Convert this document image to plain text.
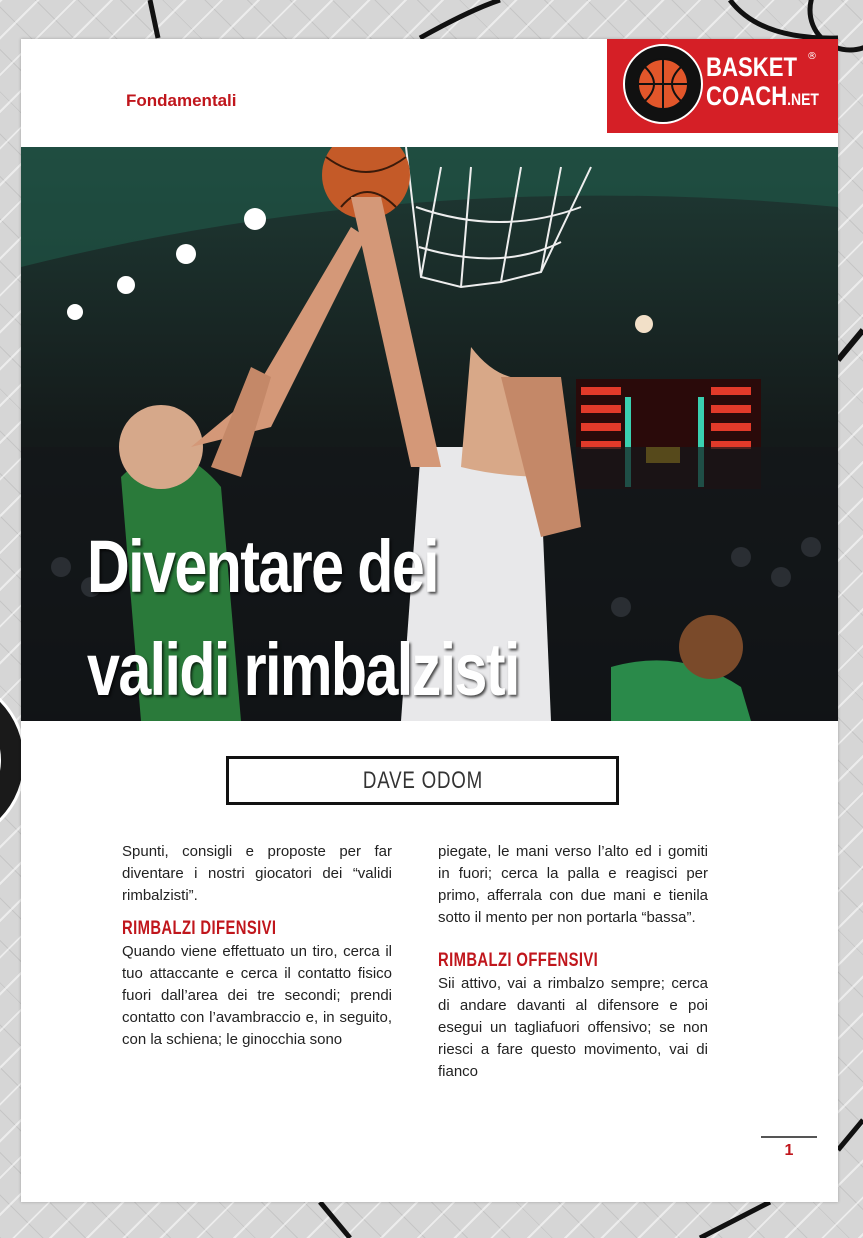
Fondamentali
BASKET
COACH.NET
®
Diventare dei
validi rimbalzisti
DAVE ODOM

Spunti, consigli e proposte per far diventare i nostri giocatori dei “validi rimbalzisti”.

RIMBALZI DIFENSIVI

Quando viene effettuato un tiro, cerca il tuo attaccante e cerca il contatto fisico fuori dall’area dei tre secondi; prendi contatto con l’avambraccio e, in seguito, con la schiena; le ginocchia sono

piegate, le mani verso l’alto ed i gomiti in fuori; cerca la palla e reagisci per primo, afferrala con due mani e tienila sotto il mento per non portarla “bassa”.

RIMBALZI OFFENSIVI

Sii attivo, vai a rimbalzo sempre; cerca di andare davanti al difensore e poi esegui un tagliafuori offensivo; se non riesci a fare questo movimento, vai di fianco

1
